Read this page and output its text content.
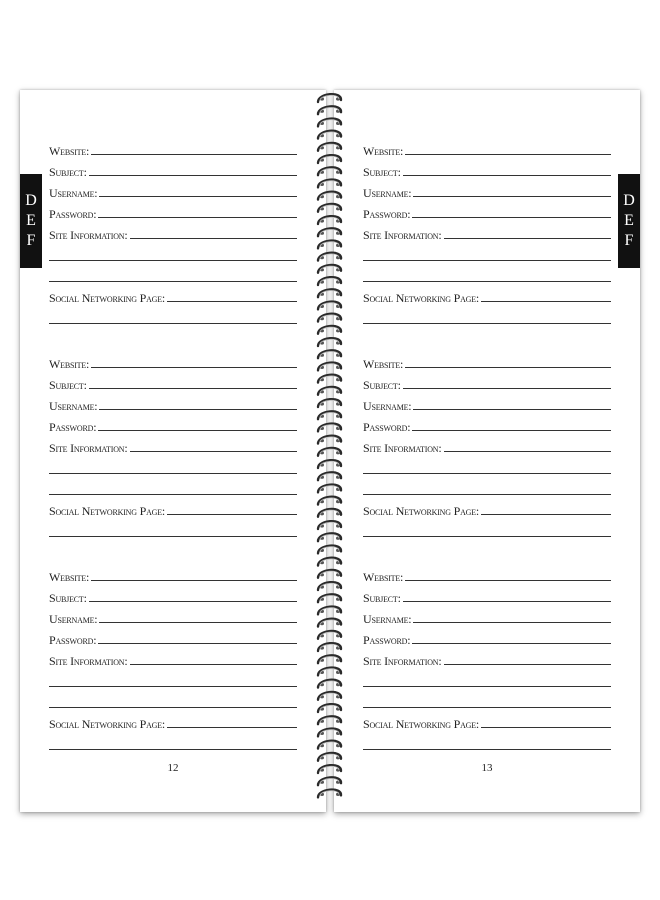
D
E
F
Website:
Subject:
Username:
Password:
Site Information:
Social Networking Page:
Website:
Subject:
Username:
Password:
Site Information:
Social Networking Page:
Website:
Subject:
Username:
Password:
Site Information:
Social Networking Page:
12
D
E
F
Website:
Subject:
Username:
Password:
Site Information:
Social Networking Page:
Website:
Subject:
Username:
Password:
Site Information:
Social Networking Page:
Website:
Subject:
Username:
Password:
Site Information:
Social Networking Page:
13
